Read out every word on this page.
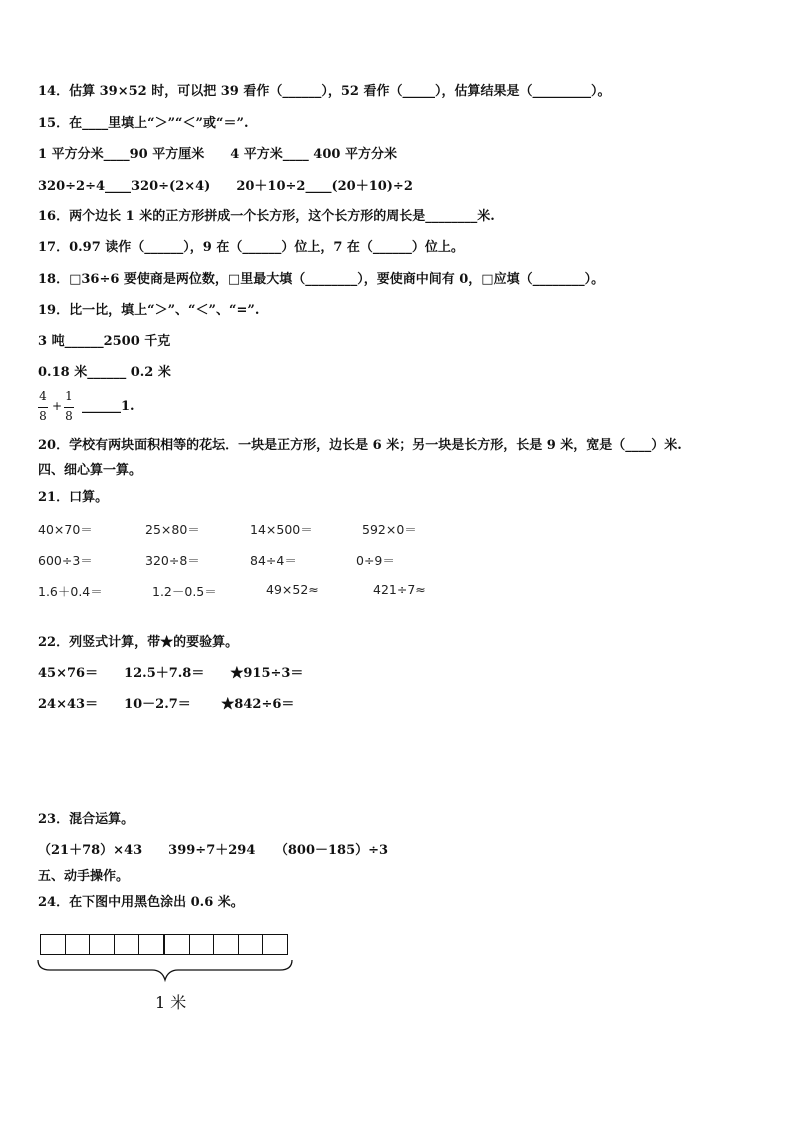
14．估算 39×52 时，可以把 39 看作（______），52 看作（_____），估算结果是（_________）。
15．在____里填上“＞”“＜”或“＝”.
1 平方分米____90 平方厘米　　4 平方米____ 400 平方分米
320÷2÷4____320÷(2×4)　　20＋10÷2____(20＋10)÷2
16．两个边长 1 米的正方形拼成一个长方形，这个长方形的周长是________米.
17．0.97 读作（______），9 在（______）位上，7 在（______）位上。
18．□36÷6 要使商是两位数，□里最大填（________），要使商中间有 0，□应填（________）。
19．比一比，填上“＞”、“＜”、“=”.
3 吨______2500 千克
0.18 米______ 0.2 米
4
8
+
1
8
______1.
20．学校有两块面积相等的花坛．一块是正方形，边长是 6 米；另一块是长方形，长是 9 米，宽是（____）米.
四、细心算一算。
21．口算。
40×70＝	25×80＝	14×500＝	592×0＝
600÷3＝	320÷8＝	84÷4＝	0÷9＝
1.6＋0.4＝	1.2－0.5＝	49×52≈	421÷7≈
22．列竖式计算，带★的要验算。
45×76＝　　12.5＋7.8＝　　★915÷3＝
24×43＝　　10－2.7＝　　 ★842÷6＝
23．混合运算。
（21＋78）×43　　399÷7＋294　　（800－185）÷3
五、动手操作。
24．在下图中用黑色涂出 0.6 米。
1 米
